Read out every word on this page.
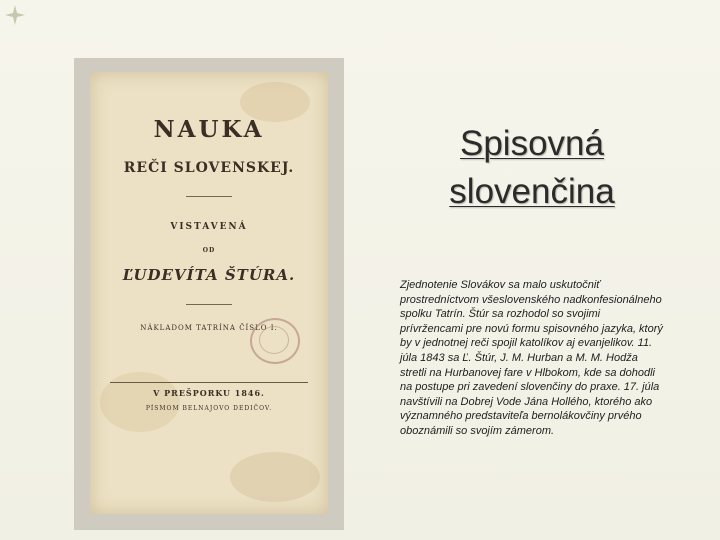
NAUKA
REČI SLOVENSKEJ.
VISTAVENÁ
OD
ĽUDEVÍTA ŠTÚRA.
NÁKLADOM TATRÍNA ČÍSLO I.
V PREŠPORKU 1846.
PÍSMOM BELNAJOVO DEDIČOV.
Spisovná slovenčina
Zjednotenie Slovákov sa malo uskutočniť prostredníctvom všeslovenského nadkonfesionálneho spolku Tatrín. Štúr sa rozhodol so svojimi prívržencami pre novú formu spisovného jazyka, ktorý by v jednotnej reči spojil katolíkov aj evanjelikov. 11. júla 1843 sa Ľ. Štúr, J. M. Hurban a M. M. Hodža stretli na Hurbanovej fare v Hlbokom, kde sa dohodli na postupe pri zavedení slovenčiny do praxe. 17. júla navštívili na Dobrej Vode Jána Hollého, ktorého ako významného predstaviteľa bernolákovčiny prvého oboznámili so svojím zámerom.
